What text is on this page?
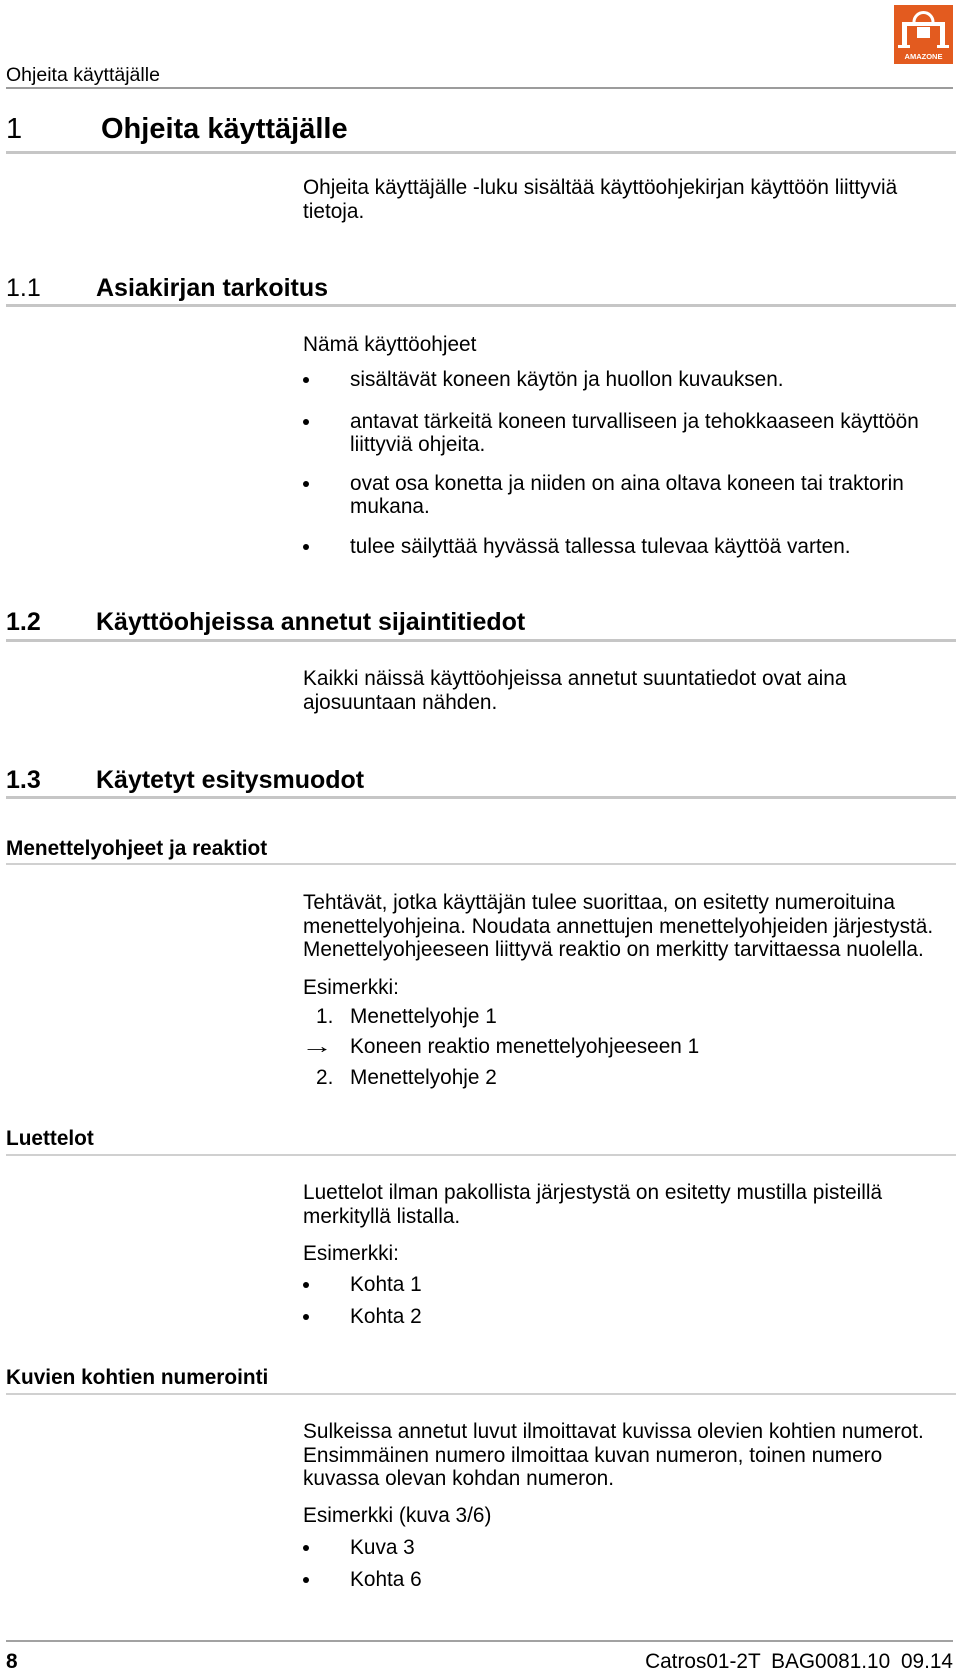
Ohjeita käyttäjälle
AMAZONE
1	Ohjeita käyttäjälle
Ohjeita käyttäjälle -luku sisältää käyttöohjekirjan käyttöön liittyviä
tietoja.
1.1 Asiakirjan tarkoitus
Nämä käyttöohjeet
sisältävät koneen käytön ja huollon kuvauksen.
antavat tärkeitä koneen turvalliseen ja tehokkaaseen käyttöön
liittyviä ohjeita.
ovat osa konetta ja niiden on aina oltava koneen tai traktorin
mukana.
tulee säilyttää hyvässä tallessa tulevaa käyttöä varten.
1.2 Käyttöohjeissa annetut sijaintitiedot
Kaikki näissä käyttöohjeissa annetut suuntatiedot ovat aina
ajosuuntaan nähden.
1.3 Käytetyt esitysmuodot
Menettelyohjeet ja reaktiot
Tehtävät, jotka käyttäjän tulee suorittaa, on esitetty numeroituina
menettelyohjeina. Noudata annettujen menettelyohjeiden järjestystä.
Menettelyohjeeseen liittyvä reaktio on merkitty tarvittaessa nuolella.
Esimerkki:
1. Menettelyohje 1
→ Koneen reaktio menettelyohjeeseen 1
2. Menettelyohje 2
Luettelot
Luettelot ilman pakollista järjestystä on esitetty mustilla pisteillä
merkityllä listalla.
Esimerkki:
Kohta 1
Kohta 2
Kuvien kohtien numerointi
Sulkeissa annetut luvut ilmoittavat kuvissa olevien kohtien numerot.
Ensimmäinen numero ilmoittaa kuvan numeron, toinen numero
kuvassa olevan kohdan numeron.
Esimerkki (kuva 3/6)
Kuva 3
Kohta 6
8	Catros01-2T BAG0081.10 09.14
